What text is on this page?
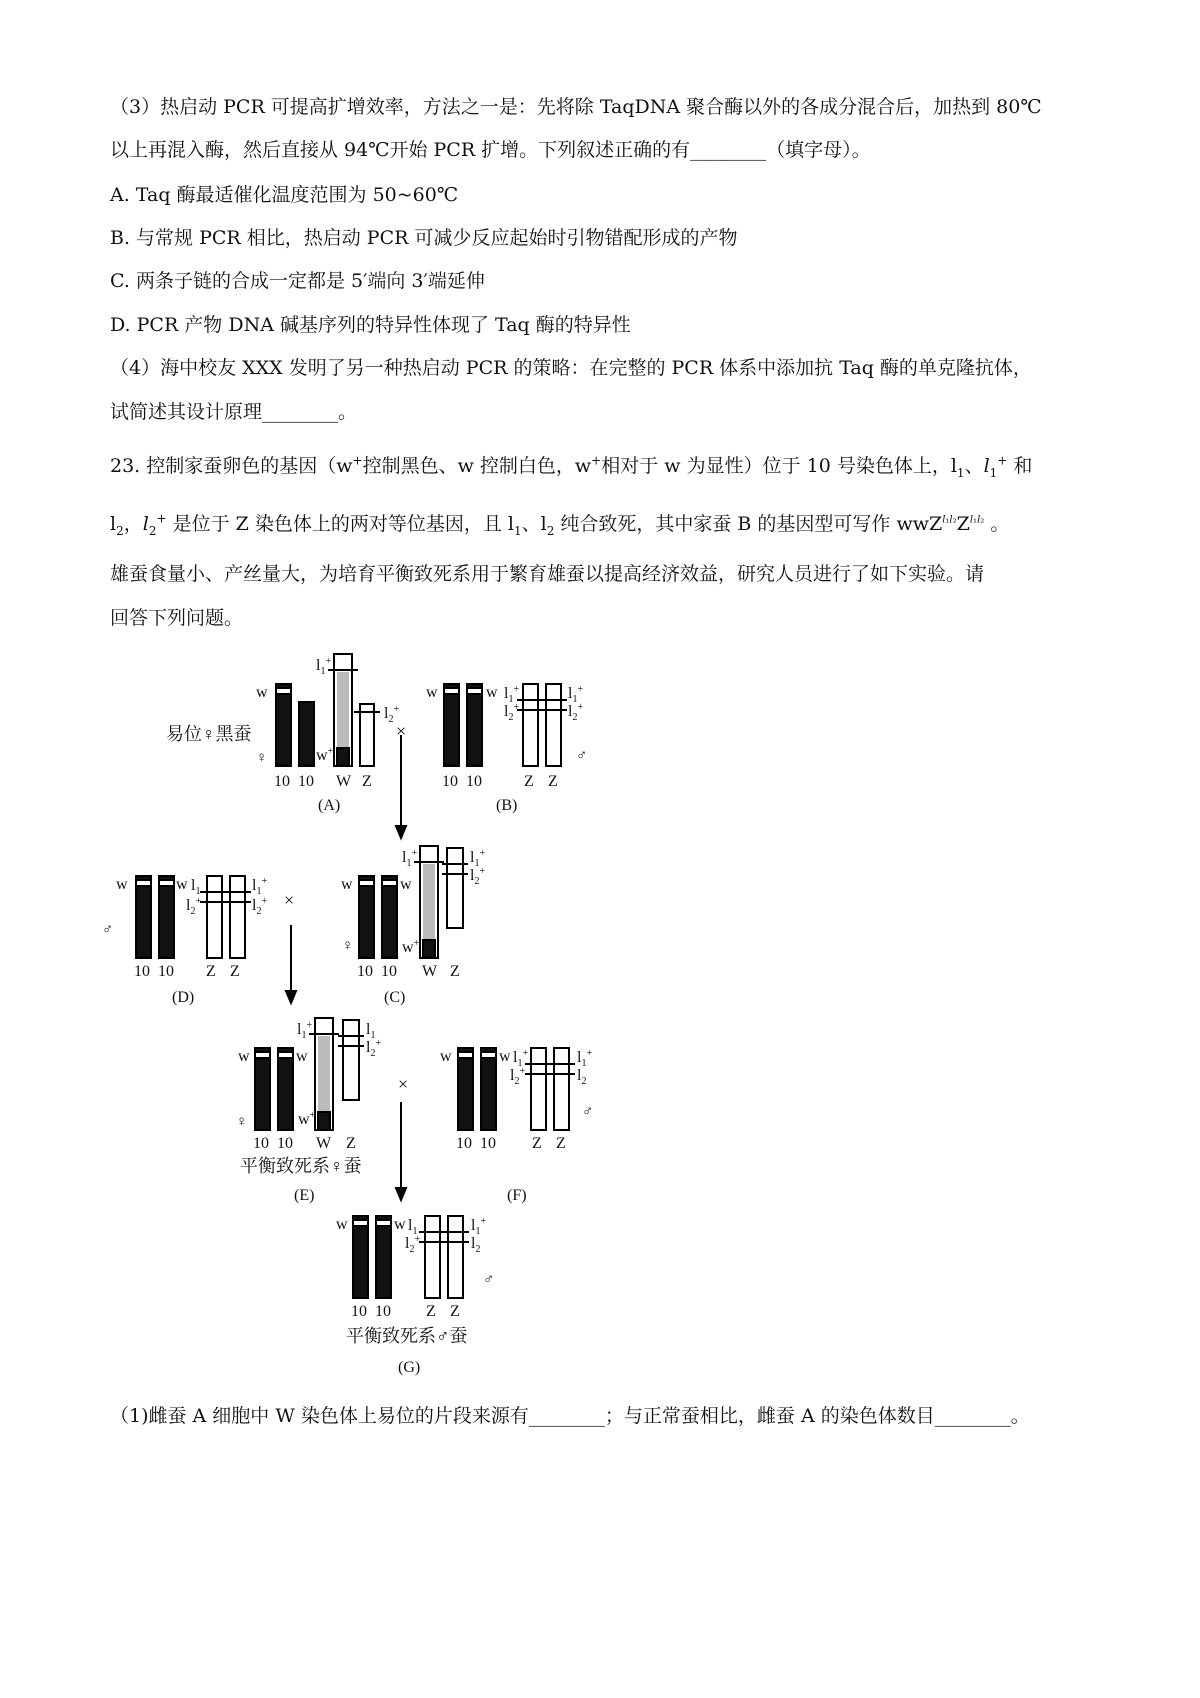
（3）热启动 PCR 可提高扩增效率，方法之一是：先将除 TaqDNA 聚合酶以外的各成分混合后，加热到 80℃
以上再混入酶，然后直接从 94℃开始 PCR 扩增。下列叙述正确的有________（填字母）。
A. Taq 酶最适催化温度范围为 50~60℃
B. 与常规 PCR 相比，热启动 PCR 可减少反应起始时引物错配形成的产物
C. 两条子链的合成一定都是 5′端向 3′端延伸
D. PCR 产物 DNA 碱基序列的特异性体现了 Taq 酶的特异性
（4）海中校友 XXX 发明了另一种热启动 PCR 的策略：在完整的 PCR 体系中添加抗 Taq 酶的单克隆抗体，
试简述其设计原理________。
23. 控制家蚕卵色的基因（w+控制黑色、w 控制白色，w+相对于 w 为显性）位于 10 号染色体上，$l_1$、$l_1^+$ 和
$l_2$，$l_2^+$ 是位于 Z 染色体上的两对等位基因，且 $l_1$、$l_2$ 纯合致死，其中家蚕 B 的基因型可写作 $wwZ^{l_1l_2}Z^{l_1l_2}$ 。
雄蚕食量小、产丝量大，为培育平衡致死系用于繁育雄蚕以提高经济效益，研究人员进行了如下实验。请
回答下列问题。
w
$l_1^+$
$l_2^+$
w+
易位♀黑蚕
♀
×
10 10 W Z
(A)
w	w $l_1^+$
$l_2^+$
$l_1^+$
$l_2^+$
♂
10 10	Z Z
(B)
w	w $l_1$
$l_2^+$
$l_1^+$
$l_2^+$
♂
×
10 10 Z Z
(D)
w	w
$l_1^+$	$l_1^+$
$l_2^+$
w+
♀
10 10 W Z
(C)
w	w
$l_1^+$	$l_1$
$l_2^+$
w+
♀
×
10 10 W Z
平衡致死系♀蚕
(E)
w	w $l_1^+$
$l_2^+$
$l_1^+$
$l_2$
♂
10 10 Z Z
(F)
w	w $l_1$
$l_2^+$
$l_1^+$
$l_2$
♂
10 10 Z Z
平衡致死系♂蚕
(G)
（1)雌蚕 A 细胞中 W 染色体上易位的片段来源有________；与正常蚕相比，雌蚕 A 的染色体数目________。
